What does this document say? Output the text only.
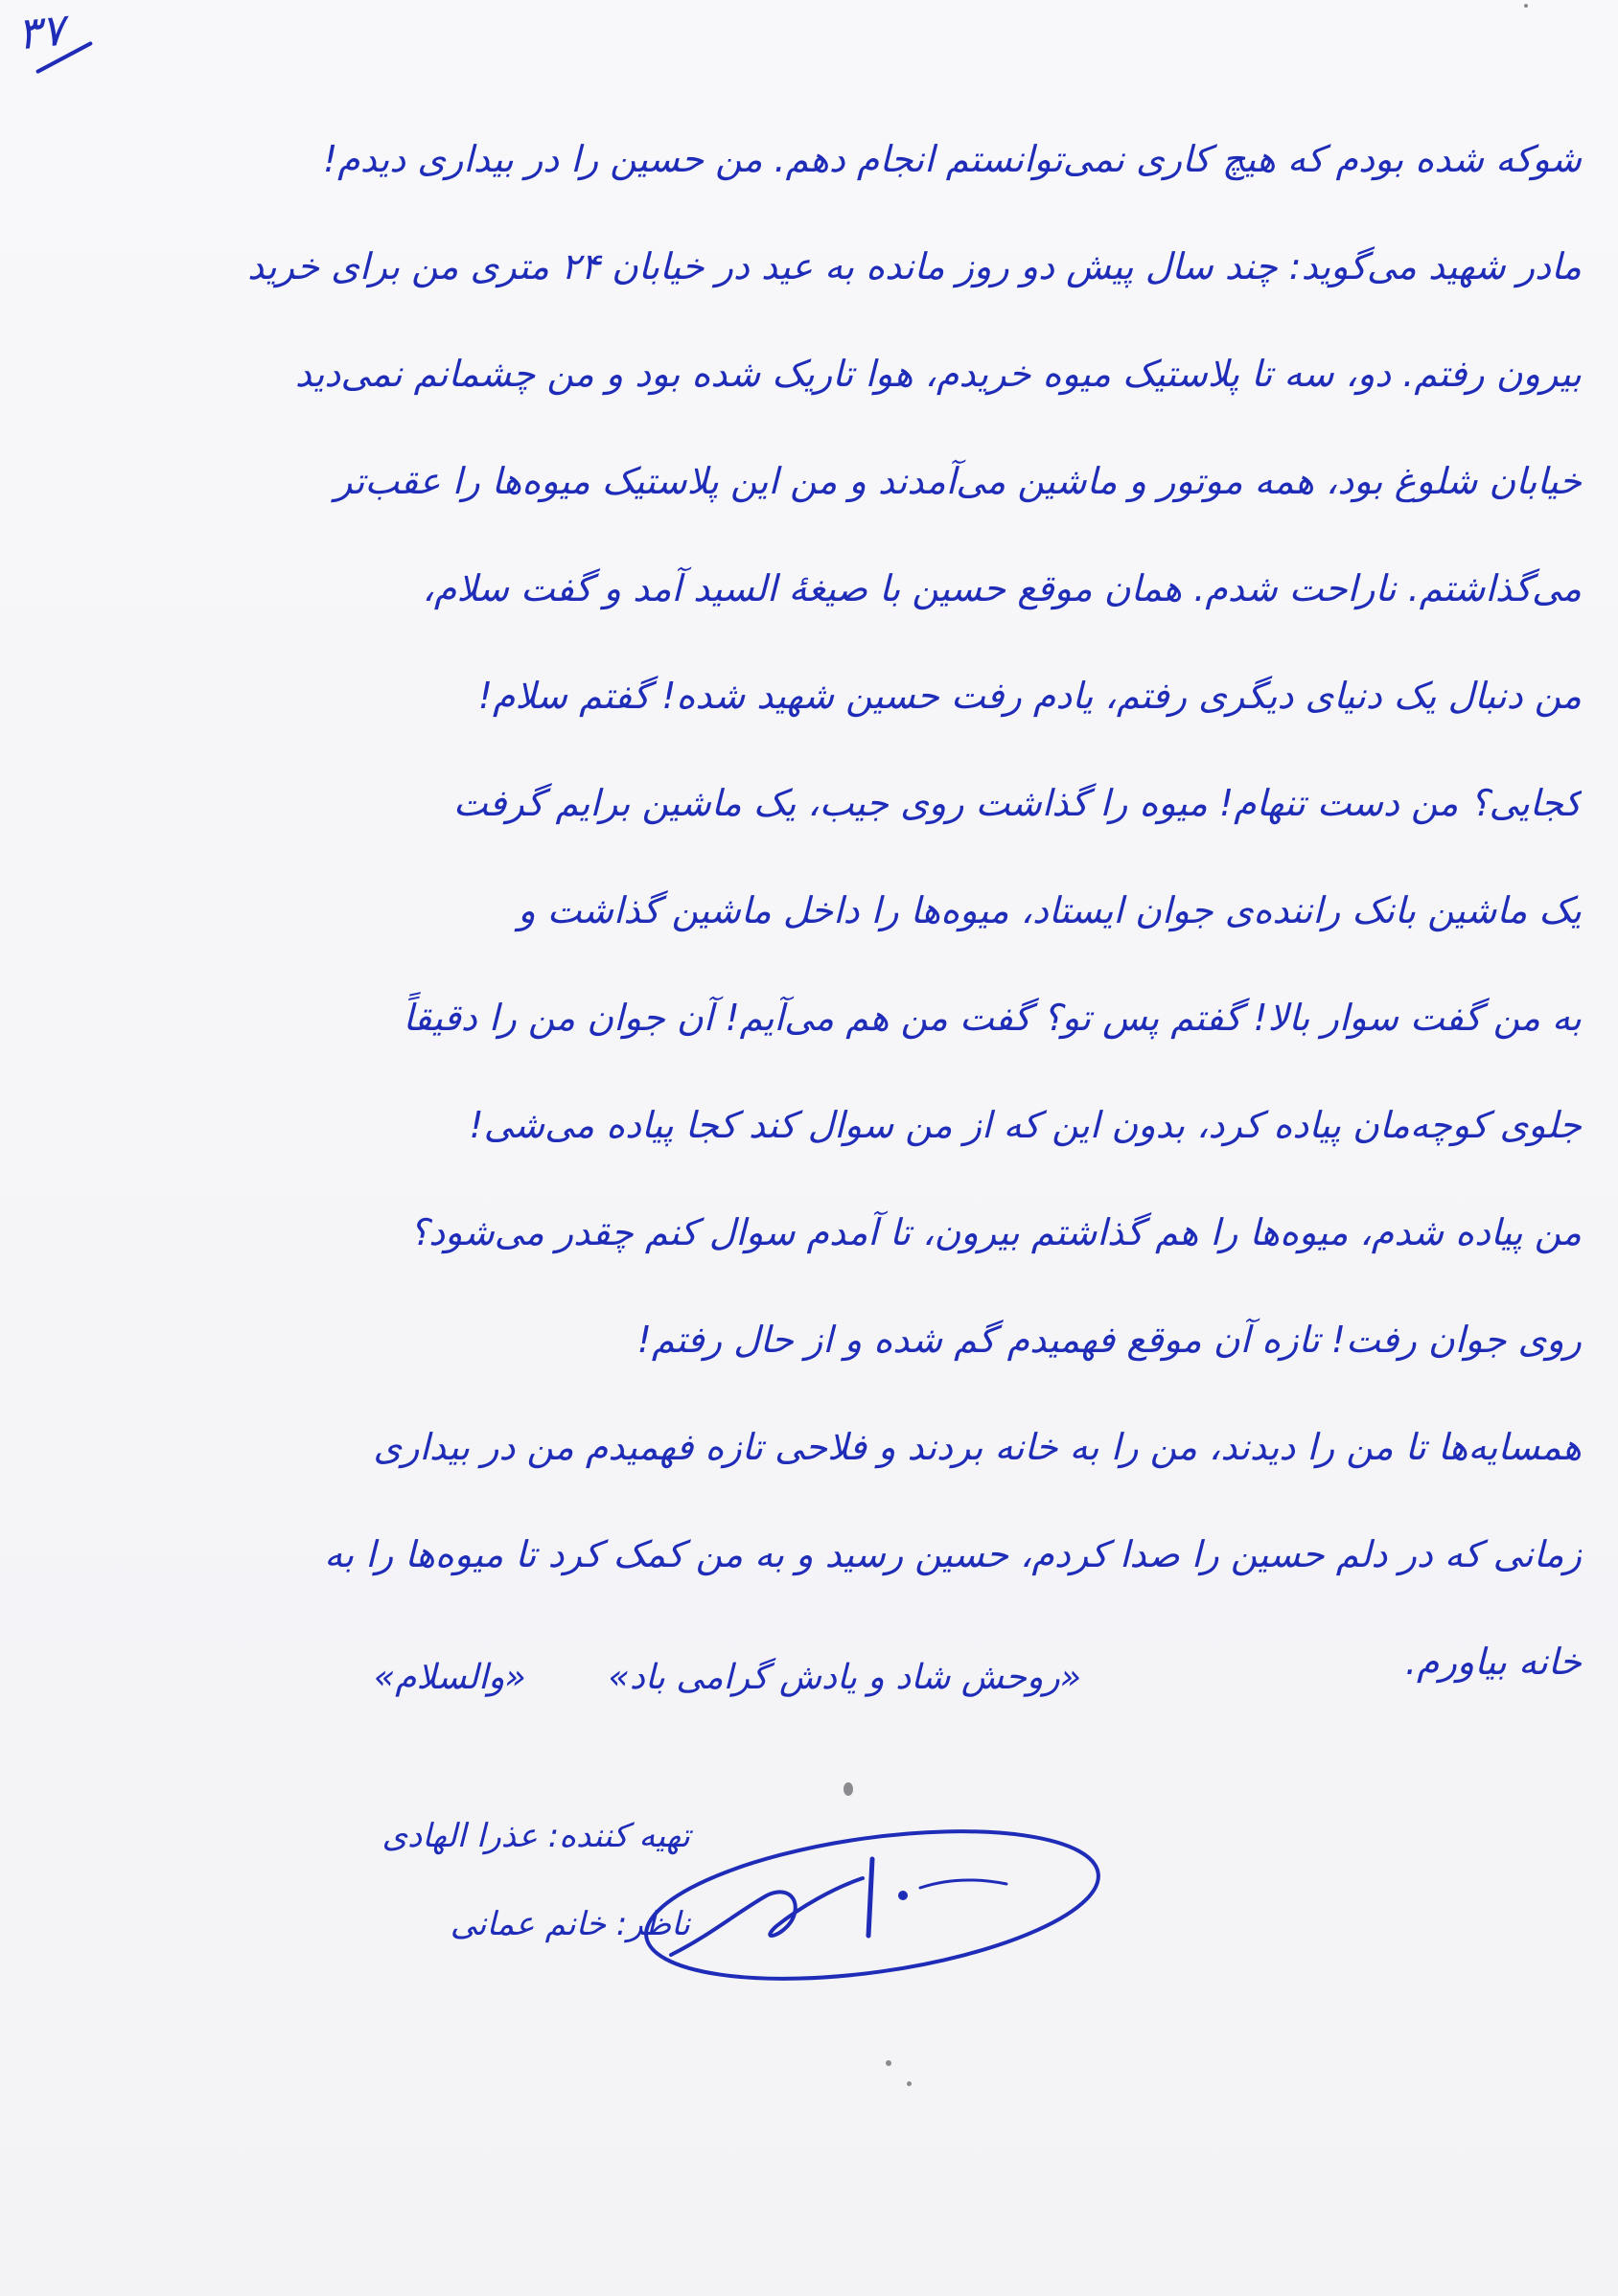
۳۷
شوکه شده بودم که هیچ کاری نمی‌توانستم انجام دهم. من حسین را در بیداری دیدم!
مادر شهید می‌گوید: چند سال پیش دو روز مانده به عید در خیابان ۲۴ متری من برای خرید
بیرون رفتم. دو، سه تا پلاستیک میوه خریدم، هوا تاریک شده بود و من چشمانم نمی‌دید
خیابان شلوغ بود، همه موتور و ماشین می‌آمدند و من این پلاستیک میوه‌ها را عقب‌تر
می‌گذاشتم. ناراحت شدم. همان موقع حسین با صیغهٔ السید آمد و گفت سلام،
من دنبال یک دنیای دیگری رفتم، یادم رفت حسین شهید شده! گفتم سلام!
کجایی؟ من دست تنهام! میوه را گذاشت روی جیب، یک ماشین برایم گرفت
یک ماشین بانک راننده‌ی جوان ایستاد، میوه‌ها را داخل ماشین گذاشت و
به من گفت سوار بالا! گفتم پس تو؟ گفت من هم می‌آیم! آن جوان من را دقیقاً
جلوی کوچه‌مان پیاده کرد، بدون این که از من سوال کند کجا پیاده می‌شی!
من پیاده شدم، میوه‌ها را هم گذاشتم بیرون، تا آمدم سوال کنم چقدر می‌شود؟
روی جوان رفت! تازه آن موقع فهمیدم گم شده و از حال رفتم!
همسایه‌ها تا من را دیدند، من را به خانه بردند و فلاحی تازه فهمیدم من در بیداری
زمانی که در دلم حسین را صدا کردم، حسین رسید و به من کمک کرد تا میوه‌ها را به
خانه بیاورم.
«روحش شاد و یادش گرامی باد»
«والسلام»
تهیه کننده: عذرا الهادی
ناظر: خانم عمانی
